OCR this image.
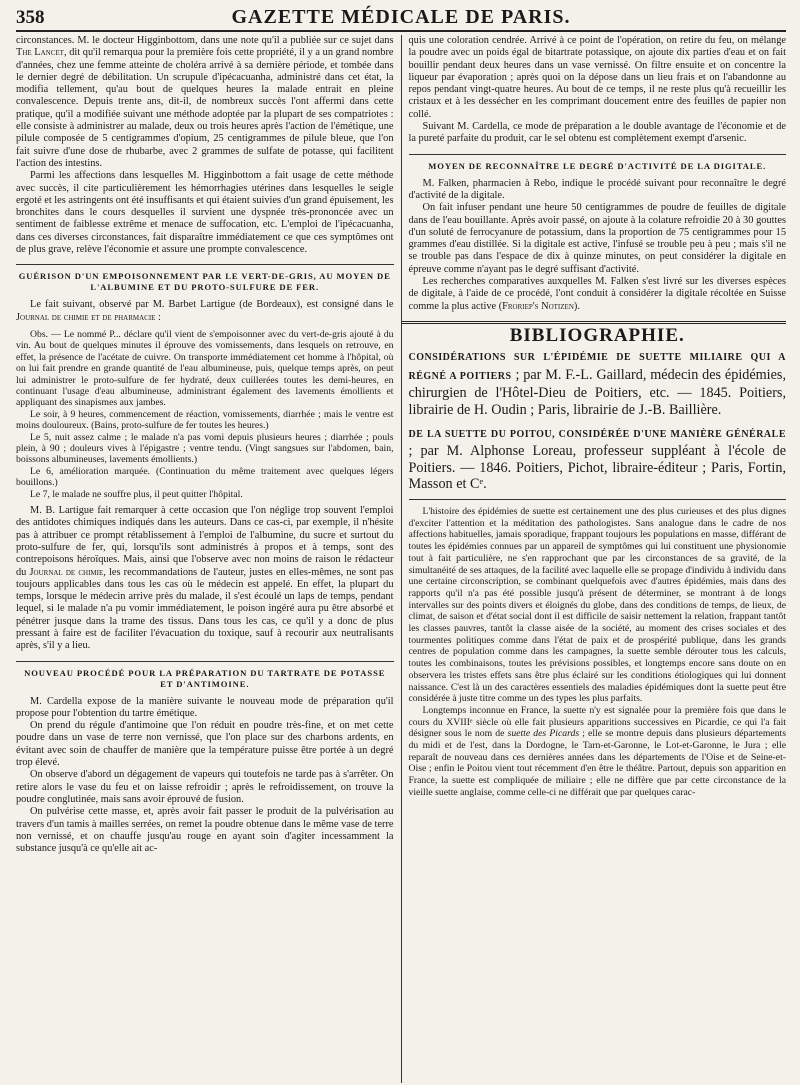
358	GAZETTE MÉDICALE DE PARIS.

circonstances. M. le docteur Higginbottom, dans une note qu'il a publiée sur ce sujet dans The Lancet, dit qu'il remarqua pour la première fois cette propriété, il y a un grand nombre d'années, chez une femme atteinte de choléra arrivé à sa dernière période, et tombée dans le dernier degré de débilitation. Un scrupule d'ipécacuanha, administré dans cet état, la modifia tellement, qu'au bout de quelques heures la malade entrait en pleine convalescence. Depuis trente ans, dit-il, de nombreux succès l'ont affermi dans cette pratique, qu'il a modifiée suivant une méthode adoptée par la plupart de ses compatriotes : elle consiste à administrer au malade, deux ou trois heures après l'action de l'émétique, une pilule composée de 5 centigrammes d'opium, 25 centigrammes de pilule bleue, que l'on fait suivre d'une dose de rhubarbe, avec 2 grammes de sulfate de potasse, qui facilitent l'action des intestins.

Parmi les affections dans lesquelles M. Higginbottom a fait usage de cette méthode avec succès, il cite particulièrement les hémorrhagies utérines dans lesquelles le seigle ergoté et les astringents ont été insuffisants et qui étaient suivies d'un grand épuisement, les bronchites dans le cours desquelles il survient une dyspnée très-prononcée avec un sentiment de faiblesse extrême et menace de suffocation, etc. L'emploi de l'ipécacuanha, dans ces diverses circonstances, fait disparaître immédiatement ce que ces symptômes ont de plus grave, relève l'économie et assure une prompte convalescence.

GUÉRISON D'UN EMPOISONNEMENT PAR LE VERT-DE-GRIS, AU MOYEN DE L'ALBUMINE ET DU PROTO-SULFURE DE FER.

Le fait suivant, observé par M. Barbet Lartigue (de Bordeaux), est consigné dans le Journal de chimie et de pharmacie :

Obs. — Le nommé P... déclare qu'il vient de s'empoisonner avec du vert-de-gris ajouté à du vin. Au bout de quelques minutes il éprouve des vomissements, dans lesquels on retrouve, en effet, la présence de l'acétate de cuivre. On transporte immédiatement cet homme à l'hôpital, où on lui fait prendre en grande quantité de l'eau albumineuse, puis, quelque temps après, on peut lui administrer le proto-sulfure de fer hydraté, deux cuillerées toutes les demi-heures, en continuant l'usage d'eau albumineuse, administrant également des lavements émollients et appliquant des sinapismes aux jambes.

Le soir, à 9 heures, commencement de réaction, vomissements, diarrhée ; mais le ventre est moins douloureux. (Bains, proto-sulfure de fer toutes les heures.)

Le 5, nuit assez calme ; le malade n'a pas vomi depuis plusieurs heures ; diarrhée ; pouls plein, à 90 ; douleurs vives à l'épigastre ; ventre tendu. (Vingt sangsues sur l'abdomen, bain, boissons albumineuses, lavements émollients.)

Le 6, amélioration marquée. (Continuation du même traitement avec quelques légers bouillons.)

Le 7, le malade ne souffre plus, il peut quitter l'hôpital.

M. B. Lartigue fait remarquer à cette occasion que l'on néglige trop souvent l'emploi des antidotes chimiques indiqués dans les auteurs. Dans ce cas-ci, par exemple, il n'hésite pas à attribuer ce prompt rétablissement à l'emploi de l'albumine, du sucre et surtout du proto-sulfure de fer, qui, lorsqu'ils sont administrés à propos et à temps, sont des contrepoisons héroïques. Mais, ainsi que l'observe avec non moins de raison le rédacteur du Journal de chimie, les recommandations de l'auteur, justes en elles-mêmes, ne sont pas toujours applicables dans tous les cas où le médecin est appelé. En effet, la plupart du temps, lorsque le médecin arrive près du malade, il s'est écoulé un laps de temps, pendant lequel, si le malade n'a pu vomir immédiatement, le poison ingéré aura pu être absorbé et pénétrer jusque dans la trame des tissus. Dans tous les cas, ce qu'il y a donc de plus pressant à faire est de faciliter l'évacuation du toxique, sauf à recourir aux neutralisants après, s'il y a lieu.

NOUVEAU PROCÉDÉ POUR LA PRÉPARATION DU TARTRATE DE POTASSE ET D'ANTIMOINE.

M. Cardella expose de la manière suivante le nouveau mode de préparation qu'il propose pour l'obtention du tartre émétique.

On prend du régule d'antimoine que l'on réduit en poudre très-fine, et on met cette poudre dans un vase de terre non vernissé, que l'on place sur des charbons ardents, en évitant avec soin de chauffer de manière que la température puisse être portée à un degré trop élevé.

On observe d'abord un dégagement de vapeurs qui toutefois ne tarde pas à s'arrêter. On retire alors le vase du feu et on laisse refroidir ; après le refroidissement, on trouve la poudre conglutinée, mais sans avoir éprouvé de fusion.

On pulvérise cette masse, et, après avoir fait passer le produit de la pulvérisation au travers d'un tamis à mailles serrées, on remet la poudre obtenue dans le même vase de terre non vernissé, et on chauffe jusqu'au rouge en ayant soin d'agiter incessamment la substance jusqu'à ce qu'elle ait ac-

quis une coloration cendrée. Arrivé à ce point de l'opération, on retire du feu, on mélange la poudre avec un poids égal de bitartrate potassique, on ajoute dix parties d'eau et on fait bouillir pendant deux heures dans un vase vernissé. On filtre ensuite et on concentre la liqueur par évaporation ; après quoi on la dépose dans un lieu frais et on l'abandonne au repos pendant vingt-quatre heures. Au bout de ce temps, il ne reste plus qu'à recueillir les cristaux et à les dessécher en les comprimant doucement entre des feuilles de papier non collé.

Suivant M. Cardella, ce mode de préparation a le double avantage de l'économie et de la pureté parfaite du produit, car le sel obtenu est complètement exempt d'arsenic.

MOYEN DE RECONNAÎTRE LE DEGRÉ D'ACTIVITÉ DE LA DIGITALE.

M. Falken, pharmacien à Rebo, indique le procédé suivant pour reconnaître le degré d'activité de la digitale.

On fait infuser pendant une heure 50 centigrammes de poudre de feuilles de digitale dans de l'eau bouillante. Après avoir passé, on ajoute à la colature refroidie 20 à 30 gouttes d'un soluté de ferrocyanure de potassium, dans la proportion de 75 centigrammes pour 15 grammes d'eau distillée. Si la digitale est active, l'infusé se trouble peu à peu ; mais s'il ne se trouble pas dans l'espace de dix à quinze minutes, on peut considérer la digitale en épreuve comme n'ayant pas le degré suffisant d'activité.

Les recherches comparatives auxquelles M. Falken s'est livré sur les diverses espèces de digitale, à l'aide de ce procédé, l'ont conduit à considérer la digitale récoltée en Suisse comme la plus active (Froriep's Notizen).

BIBLIOGRAPHIE.
CONSIDÉRATIONS SUR L'ÉPIDÉMIE DE SUETTE MILIAIRE QUI A RÉGNÉ A POITIERS ; par M. F.-L. Gaillard, médecin des épidémies, chirurgien de l'Hôtel-Dieu de Poitiers, etc. — 1845. Poitiers, librairie de H. Oudin ; Paris, librairie de J.-B. Baillière.
DE LA SUETTE DU POITOU, CONSIDÉRÉE D'UNE MANIÈRE GÉNÉRALE ; par M. Alphonse Loreau, professeur suppléant à l'école de Poitiers. — 1846. Poitiers, Pichot, libraire-éditeur ; Paris, Fortin, Masson et Cᵉ.

L'histoire des épidémies de suette est certainement une des plus curieuses et des plus dignes d'exciter l'attention et la méditation des pathologistes. Sans analogue dans le cadre de nos affections habituelles, jamais sporadique, frappant toujours les populations en masse, différant de toutes les épidémies connues par un appareil de symptômes qui lui constituent une physionomie tout à fait particulière, ne s'en rapprochant que par les circonstances de sa gravité, de la simultanéité de ses attaques, de la facilité avec laquelle elle se propage d'individu à individu dans une certaine circonscription, se combinant quelquefois avec d'autres épidémies, mais dans des rapports qu'il n'a pas été possible jusqu'à présent de déterminer, se montrant à de longs intervalles sur des points divers et éloignés du globe, dans des conditions de temps, de lieux, de climat, de saison et d'état social dont il est difficile de saisir nettement la relation, frappant tantôt les classes pauvres, tantôt la classe aisée de la société, au moment des crises sociales et des tourmentes politiques comme dans l'état de paix et de prospérité publique, dans les grands centres de population comme dans les campagnes, la suette semble dérouter tous les calculs, toutes les combinaisons, toutes les prévisions possibles, et longtemps encore sans doute on en observera les tristes effets sans être plus éclairé sur les conditions étiologiques qui lui donnent naissance. C'est là un des caractères essentiels des maladies épidémiques dont la suette peut être considérée à juste titre comme un des types les plus parfaits.

Longtemps inconnue en France, la suette n'y est signalée pour la première fois que dans le cours du XVIIIᵉ siècle où elle fait plusieurs apparitions successives en Picardie, ce qui l'a fait désigner sous le nom de suette des Picards ; elle se montre depuis dans plusieurs départements du midi et de l'est, dans la Dordogne, le Tarn-et-Garonne, le Lot-et-Garonne, le Jura ; elle reparaît de nouveau dans ces dernières années dans les départements de l'Oise et de Seine-et-Oise ; enfin le Poitou vient tout récemment d'en être le théâtre. Partout, depuis son apparition en France, la suette est compliquée de miliaire ; elle ne diffère que par cette circonstance de la vieille suette anglaise, comme celle-ci ne différait que par quelques carac-
